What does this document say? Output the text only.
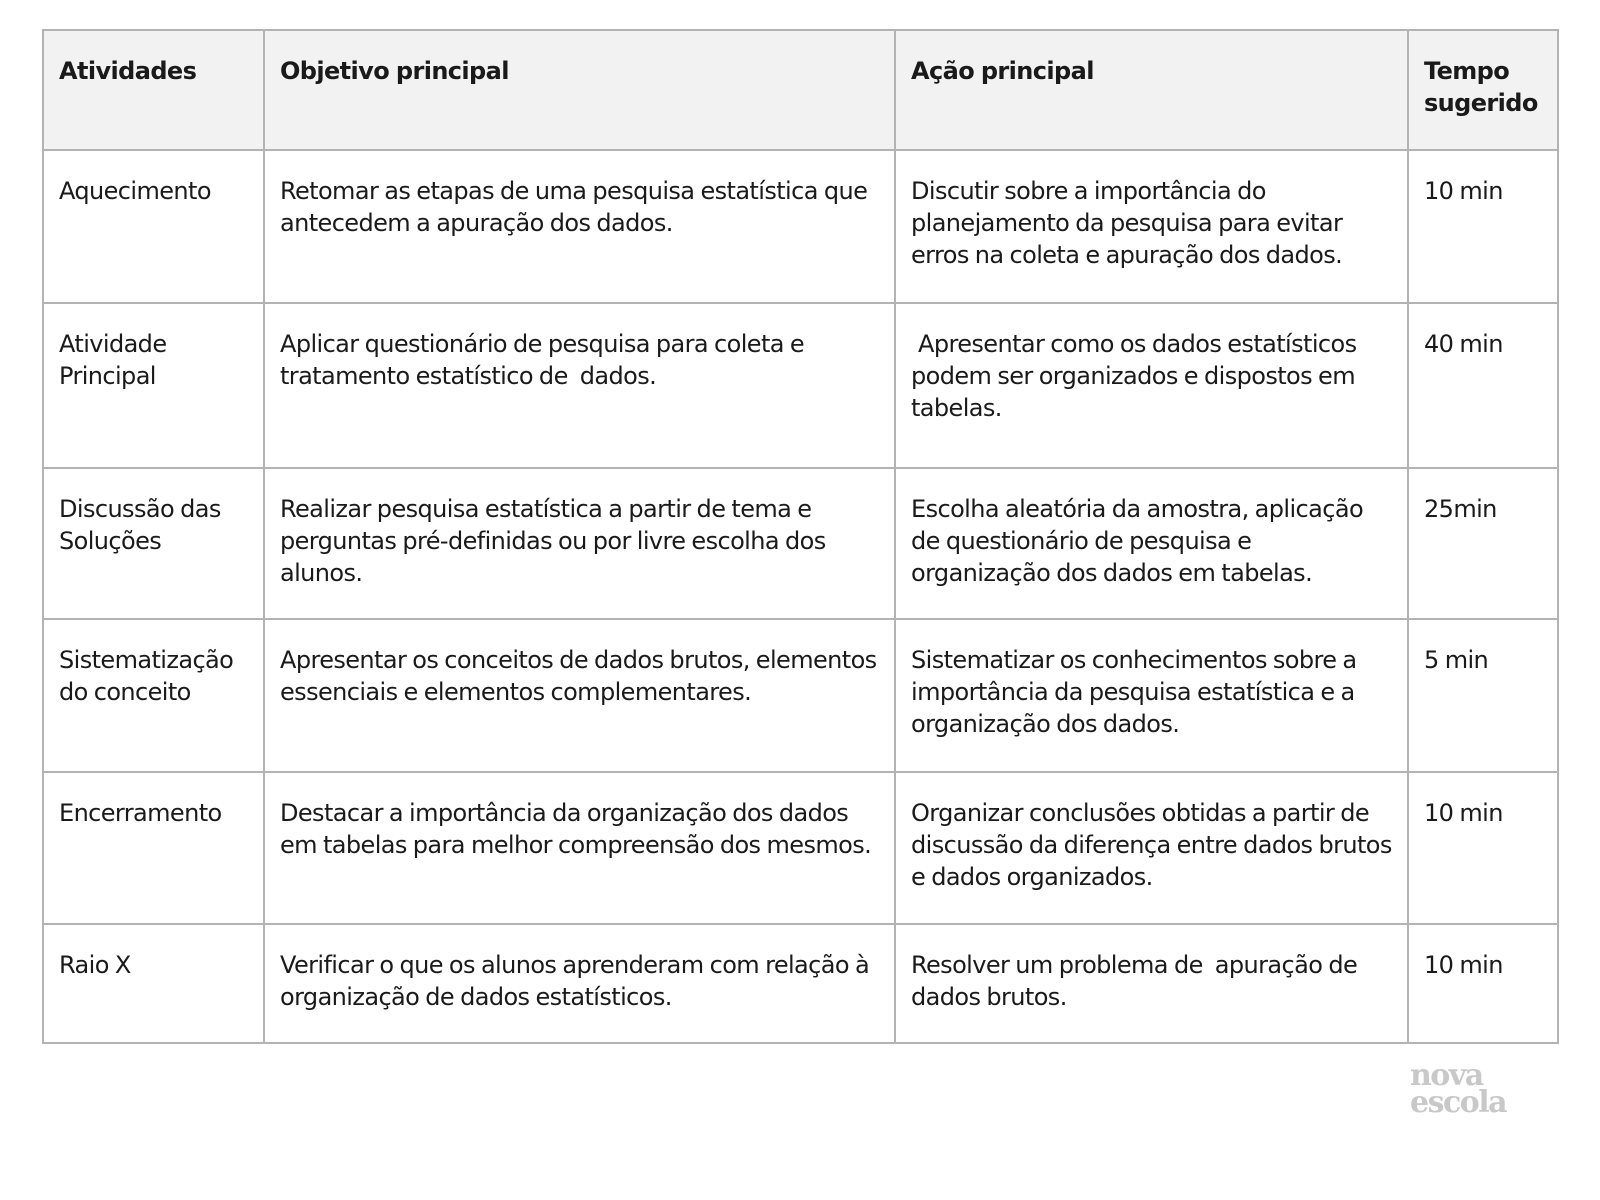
Atividades	Objetivo principal	Ação principal	Tempo sugerido
Aquecimento	Retomar as etapas de uma pesquisa estatística que antecedem a apuração dos dados.	Discutir sobre a importância do planejamento da pesquisa para evitar erros na coleta e apuração dos dados.	10 min
Atividade Principal	Aplicar questionário de pesquisa para coleta e tratamento estatístico de  dados.	Apresentar como os dados estatísticos podem ser organizados e dispostos em tabelas.	40 min
Discussão das Soluções	Realizar pesquisa estatística a partir de tema e perguntas pré-definidas ou por livre escolha dos alunos.	Escolha aleatória da amostra, aplicação de questionário de pesquisa e organização dos dados em tabelas.	25min
Sistematização do conceito	Apresentar os conceitos de dados brutos, elementos essenciais e elementos complementares.	Sistematizar os conhecimentos sobre a importância da pesquisa estatística e a organização dos dados.	5 min
Encerramento	Destacar a importância da organização dos dados em tabelas para melhor compreensão dos mesmos.	Organizar conclusões obtidas a partir de discussão da diferença entre dados brutos e dados organizados.	10 min
Raio X	Verificar o que os alunos aprenderam com relação à organização de dados estatísticos.	Resolver um problema de  apuração de dados brutos.	10 min
nova
escola
